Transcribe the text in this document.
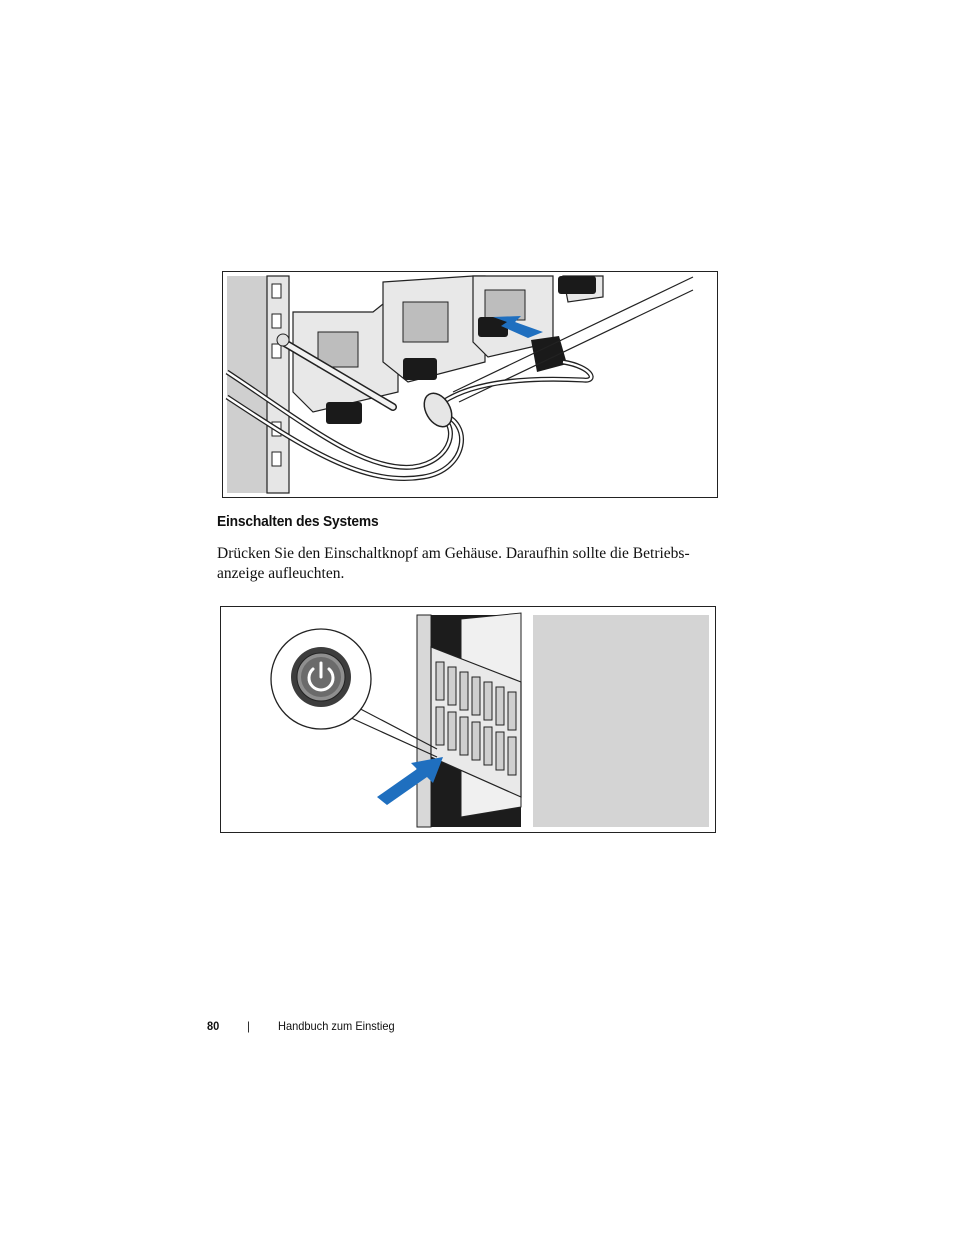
Einschalten des Systems
Drücken Sie den Einschaltknopf am Gehäuse. Daraufhin sollte die Betriebs-
anzeige aufleuchten.
80 | Handbuch zum Einstieg
